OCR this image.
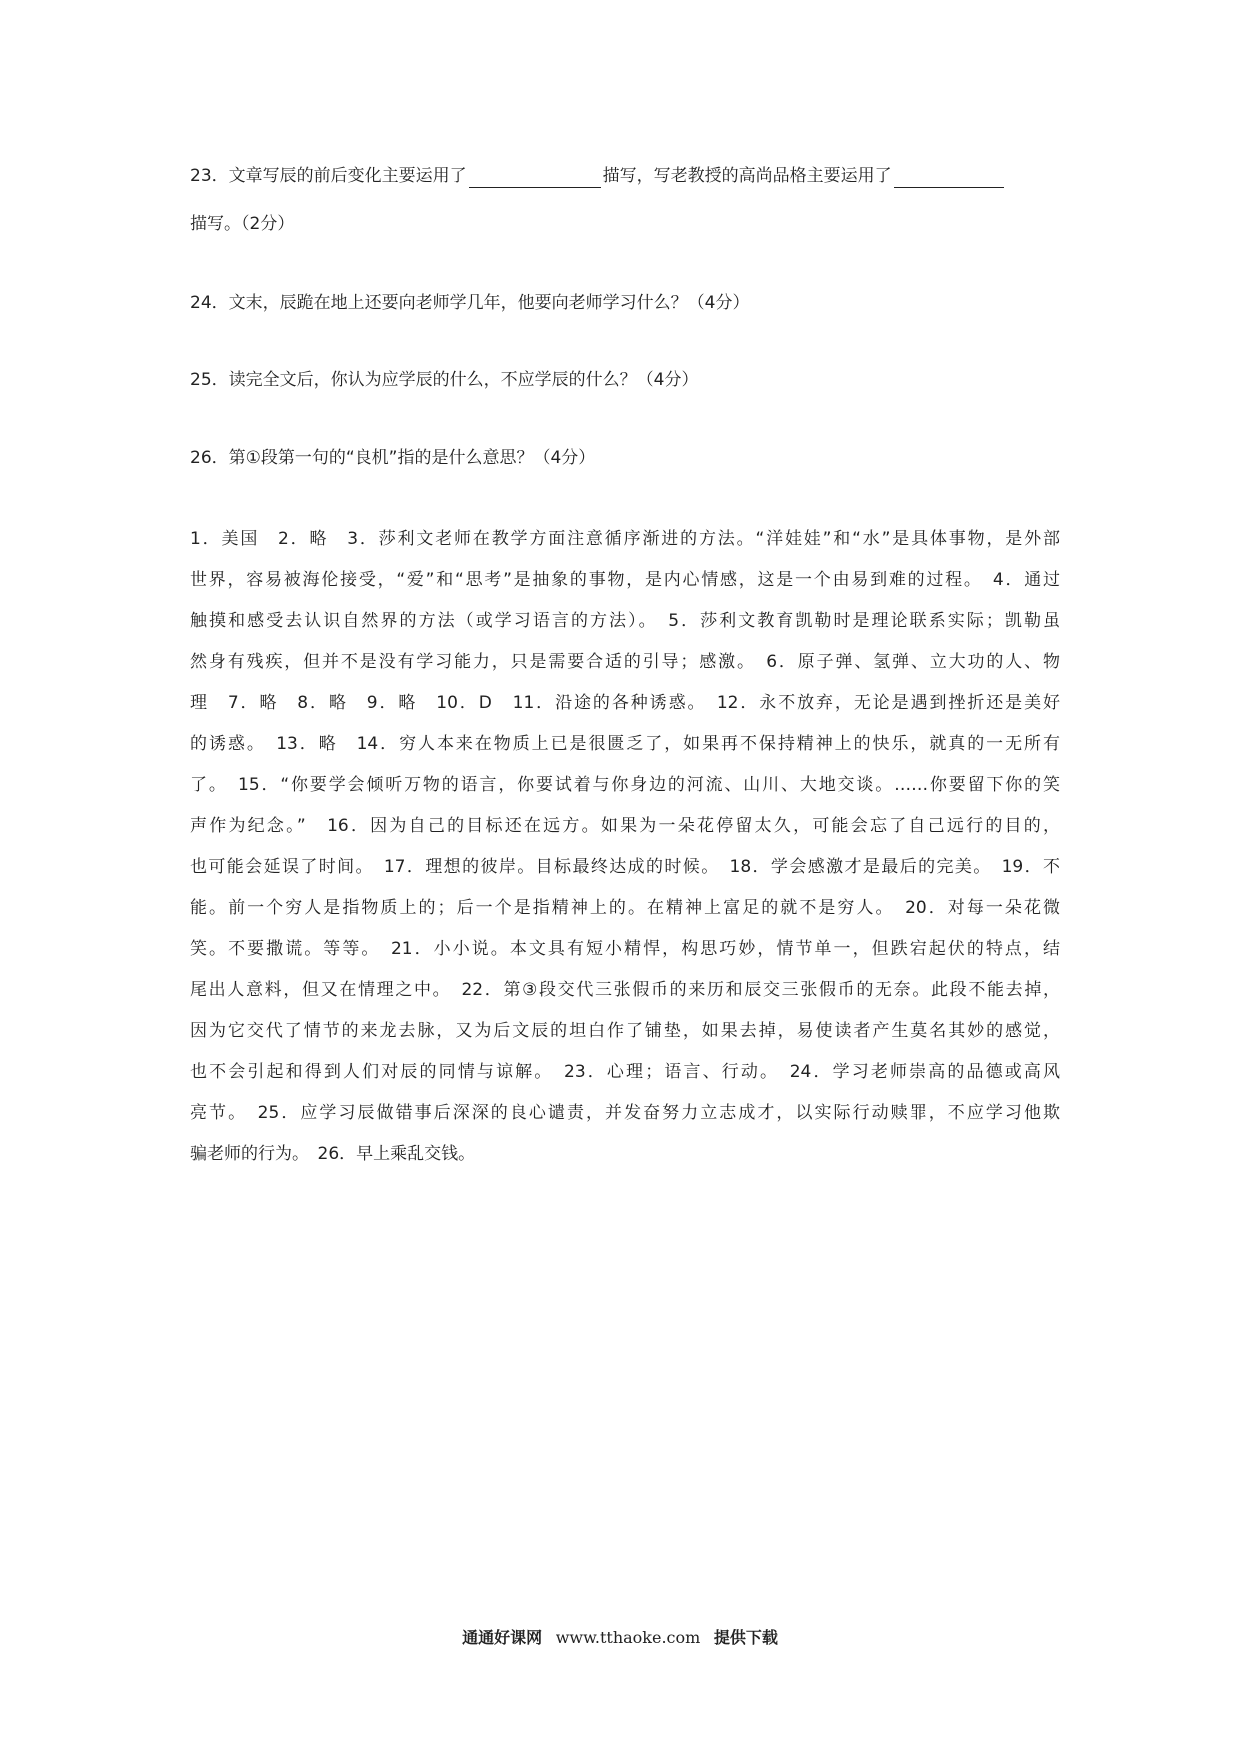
23．文章写辰的前后变化主要运用了	描写，写老教授的高尚品格主要运用了
描写。（2分）
24．文末，辰跪在地上还要向老师学几年，他要向老师学习什么？（4分）
25．读完全文后，你认为应学辰的什么，不应学辰的什么？（4分）
26．第①段第一句的“良机”指的是什么意思？（4分）
1．美国　2．略　3．莎利文老师在教学方面注意循序渐进的方法。“洋娃娃”和“水”是具体事物，是外部
世界，容易被海伦接受，“爱”和“思考”是抽象的事物，是内心情感，这是一个由易到难的过程。　4．通过
触摸和感受去认识自然界的方法（或学习语言的方法）。　5．莎利文教育凯勒时是理论联系实际；凯勒虽
然身有残疾，但并不是没有学习能力，只是需要合适的引导；感激。　6．原子弹、氢弹、立大功的人、物
理　7．略　8．略　9．略　10．D　11．沿途的各种诱惑。　12．永不放弃，无论是遇到挫折还是美好
的诱惑。　13．略　14．穷人本来在物质上已是很匮乏了，如果再不保持精神上的快乐，就真的一无所有
了。　15．“你要学会倾听万物的语言，你要试着与你身边的河流、山川、大地交谈。……你要留下你的笑
声作为纪念。”　16．因为自己的目标还在远方。如果为一朵花停留太久，可能会忘了自己远行的目的，
也可能会延误了时间。　17．理想的彼岸。目标最终达成的时候。　18．学会感激才是最后的完美。　19．不
能。前一个穷人是指物质上的；后一个是指精神上的。在精神上富足的就不是穷人。　20．对每一朵花微
笑。不要撒谎。等等。　21．小小说。本文具有短小精悍，构思巧妙，情节单一，但跌宕起伏的特点，结
尾出人意料，但又在情理之中。　22．第③段交代三张假币的来历和辰交三张假币的无奈。此段不能去掉，
因为它交代了情节的来龙去脉，又为后文辰的坦白作了铺垫，如果去掉，易使读者产生莫名其妙的感觉，
也不会引起和得到人们对辰的同情与谅解。　23．心理；语言、行动。　24．学习老师崇高的品德或高风
亮节。　25．应学习辰做错事后深深的良心谴责，并发奋努力立志成才，以实际行动赎罪，不应学习他欺
骗老师的行为。　26．早上乘乱交钱。
通通好课网 www.tthaoke.com 提供下载
